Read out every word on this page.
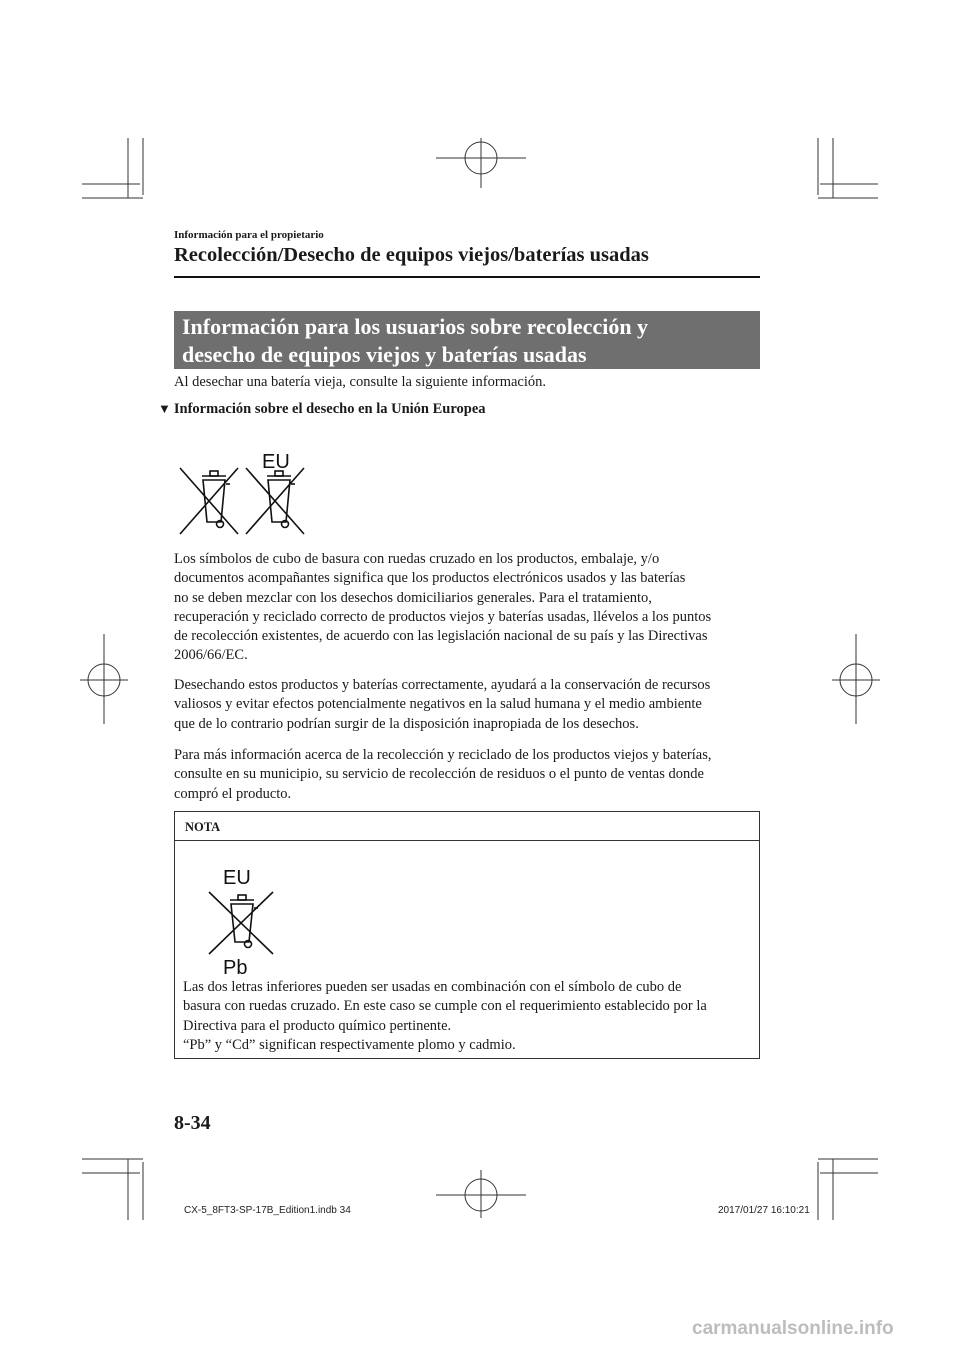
Información para el propietario
Recolección/Desecho de equipos viejos/baterías usadas
Información para los usuarios sobre recolección y
desecho de equipos viejos y baterías usadas
Al desechar una batería vieja, consulte la siguiente información.
▼ Información sobre el desecho en la Unión Europea
EU
Los símbolos de cubo de basura con ruedas cruzado en los productos, embalaje, y/o
documentos acompañantes significa que los productos electrónicos usados y las baterías
no se deben mezclar con los desechos domiciliarios generales. Para el tratamiento,
recuperación y reciclado correcto de productos viejos y baterías usadas, llévelos a los puntos
de recolección existentes, de acuerdo con las legislación nacional de su país y las Directivas
2006/66/EC.
Desechando estos productos y baterías correctamente, ayudará a la conservación de recursos
valiosos y evitar efectos potencialmente negativos en la salud humana y el medio ambiente
que de lo contrario podrían surgir de la disposición inapropiada de los desechos.
Para más información acerca de la recolección y reciclado de los productos viejos y baterías,
consulte en su municipio, su servicio de recolección de residuos o el punto de ventas donde
compró el producto.
NOTA
EU
Pb
Las dos letras inferiores pueden ser usadas en combinación con el símbolo de cubo de
basura con ruedas cruzado. En este caso se cumple con el requerimiento establecido por la
Directiva para el producto químico pertinente.
“Pb” y “Cd” significan respectivamente plomo y cadmio.
8-34
CX-5_8FT3-SP-17B_Edition1.indb 34	2017/01/27 16:10:21
carmanualsonline.info
